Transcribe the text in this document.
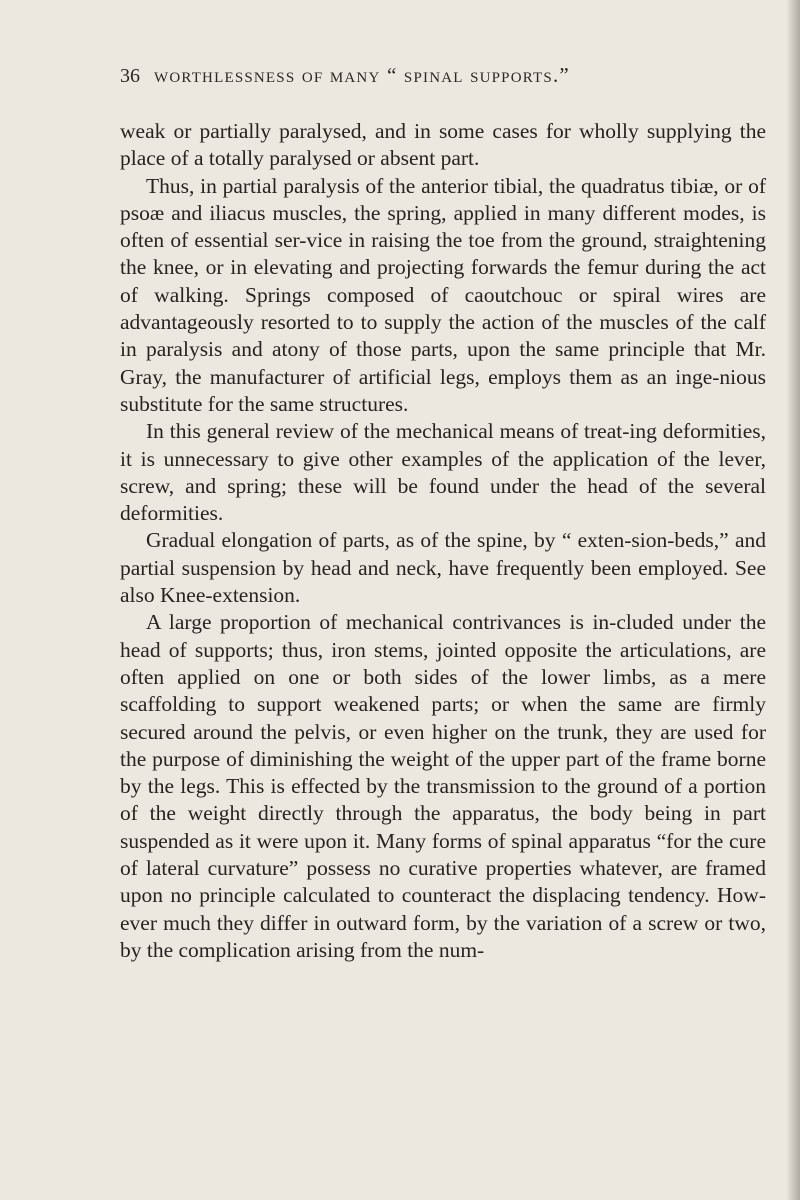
36 worthlessness of many “ spinal supports.”

weak or partially paralysed, and in some cases for wholly supplying the place of a totally paralysed or absent part.

Thus, in partial paralysis of the anterior tibial, the quadratus tibiæ, or of psoæ and iliacus muscles, the spring, applied in many different modes, is often of essential ser-vice in raising the toe from the ground, straightening the knee, or in elevating and projecting forwards the femur during the act of walking. Springs composed of caoutchouc or spiral wires are advantageously resorted to to supply the action of the muscles of the calf in paralysis and atony of those parts, upon the same principle that Mr. Gray, the manufacturer of artificial legs, employs them as an inge-nious substitute for the same structures.

In this general review of the mechanical means of treat-ing deformities, it is unnecessary to give other examples of the application of the lever, screw, and spring; these will be found under the head of the several deformities.

Gradual elongation of parts, as of the spine, by “ exten-sion-beds,” and partial suspension by head and neck, have frequently been employed. See also Knee-extension.

A large proportion of mechanical contrivances is in-cluded under the head of supports; thus, iron stems, jointed opposite the articulations, are often applied on one or both sides of the lower limbs, as a mere scaffolding to support weakened parts; or when the same are firmly secured around the pelvis, or even higher on the trunk, they are used for the purpose of diminishing the weight of the upper part of the frame borne by the legs. This is effected by the transmission to the ground of a portion of the weight directly through the apparatus, the body being in part suspended as it were upon it. Many forms of spinal apparatus “for the cure of lateral curvature” possess no curative properties whatever, are framed upon no principle calculated to counteract the displacing tendency. How-ever much they differ in outward form, by the variation of a screw or two, by the complication arising from the num-
